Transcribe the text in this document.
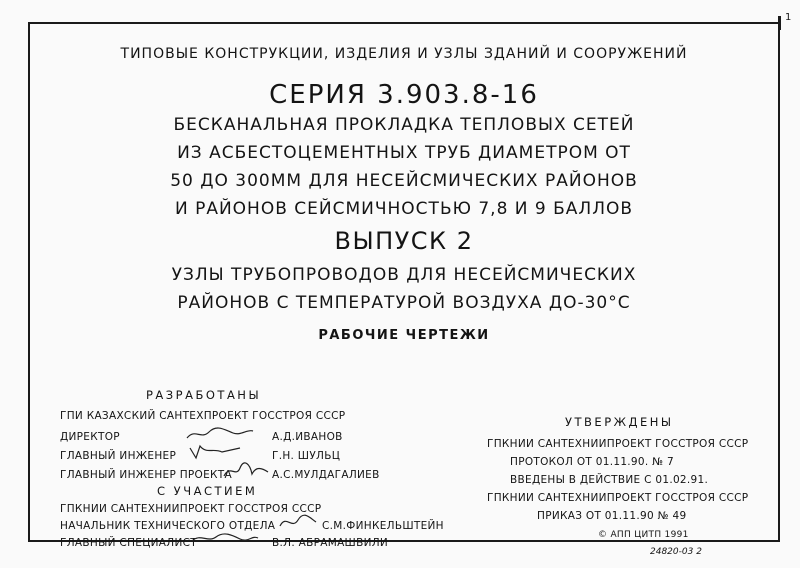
1
ТИПОВЫЕ КОНСТРУКЦИИ, ИЗДЕЛИЯ И УЗЛЫ ЗДАНИЙ И СООРУЖЕНИЙ
СЕРИЯ 3.903.8-16
БЕСКАНАЛЬНАЯ ПРОКЛАДКА ТЕПЛОВЫХ СЕТЕЙ
ИЗ АСБЕСТОЦЕМЕНТНЫХ ТРУБ ДИАМЕТРОМ ОТ
50 ДО 300ММ ДЛЯ НЕСЕЙСМИЧЕСКИХ РАЙОНОВ
И РАЙОНОВ СЕЙСМИЧНОСТЬЮ 7,8 И 9 БАЛЛОВ
ВЫПУСК 2
УЗЛЫ ТРУБОПРОВОДОВ ДЛЯ НЕСЕЙСМИЧЕСКИХ
РАЙОНОВ С ТЕМПЕРАТУРОЙ ВОЗДУХА ДО-30°С
РАБОЧИЕ ЧЕРТЕЖИ
РАЗРАБОТАНЫ
ГПИ КАЗАХСКИЙ САНТЕХПРОЕКТ ГОССТРОЯ СССР
ДИРЕКТОР	А.Д.ИВАНОВ
ГЛАВНЫЙ ИНЖЕНЕР	Г.Н. ШУЛЬЦ
ГЛАВНЫЙ ИНЖЕНЕР ПРОЕКТА	А.С.МУЛДАГАЛИЕВ
С УЧАСТИЕМ
ГПКНИИ САНТЕХНИИПРОЕКТ ГОССТРОЯ СССР
НАЧАЛЬНИК ТЕХНИЧЕСКОГО ОТДЕЛА	С.М.ФИНКЕЛЬШТЕЙН
ГЛАВНЫЙ СПЕЦИАЛИСТ	В.Л. АБРАМАШВИЛИ
УТВЕРЖДЕНЫ
ГПКНИИ САНТЕХНИИПРОЕКТ ГОССТРОЯ СССР
ПРОТОКОЛ ОТ 01.11.90. № 7
ВВЕДЕНЫ В ДЕЙСТВИЕ С 01.02.91.
ГПКНИИ САНТЕХНИИПРОЕКТ ГОССТРОЯ СССР
ПРИКАЗ ОТ 01.11.90 № 49
© АПП ЦИТП 1991
24820-03 2
